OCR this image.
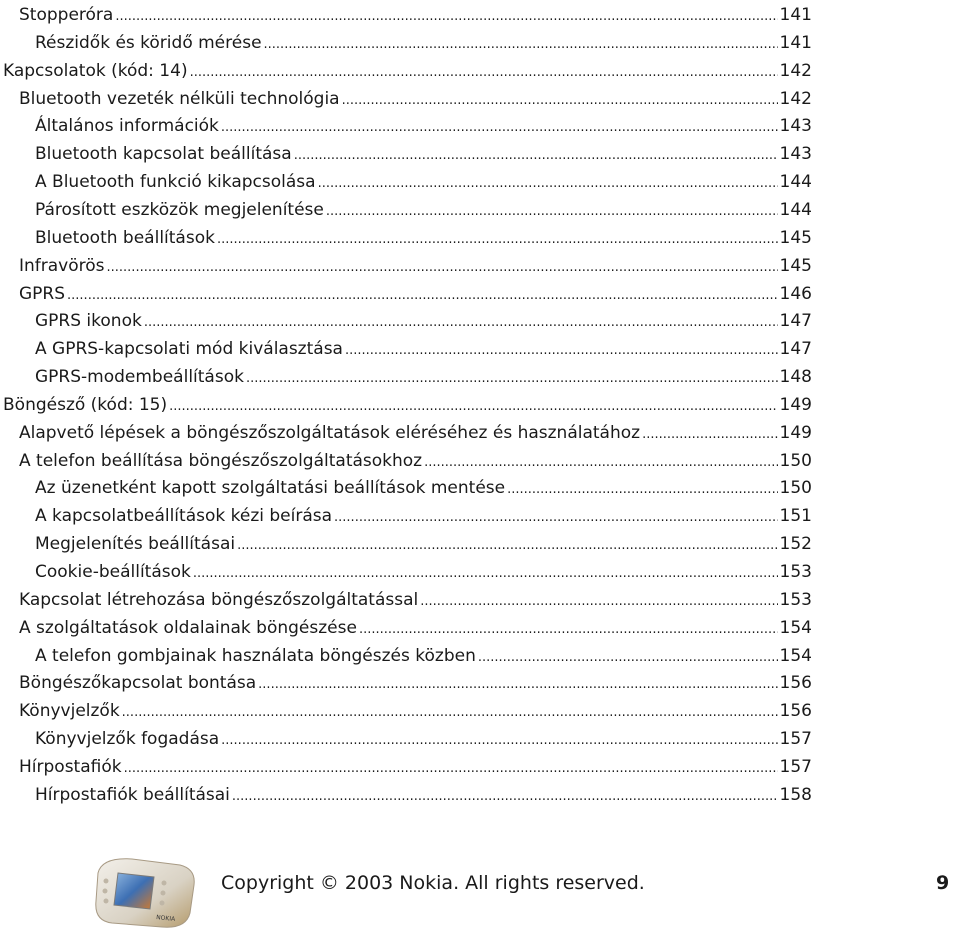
Stopperóra .....	141
Részidők és köridő mérése .....	141
Kapcsolatok (kód: 14) .....	142
Bluetooth vezeték nélküli technológia .....	142
Általános információk .....	143
Bluetooth kapcsolat beállítása .....	143
A Bluetooth funkció kikapcsolása .....	144
Párosított eszközök megjelenítése .....	144
Bluetooth beállítások .....	145
Infravörös .....	145
GPRS .....	146
GPRS ikonok .....	147
A GPRS-kapcsolati mód kiválasztása .....	147
GPRS-modembeállítások .....	148
Böngésző (kód: 15) .....	149
Alapvető lépések a böngészőszolgáltatások eléréséhez és használatához .....	149
A telefon beállítása böngészőszolgáltatásokhoz .....	150
Az üzenetként kapott szolgáltatási beállítások mentése .....	150
A kapcsolatbeállítások kézi beírása .....	151
Megjelenítés beállításai .....	152
Cookie-beállítások .....	153
Kapcsolat létrehozása böngészőszolgáltatással .....	153
A szolgáltatások oldalainak böngészése .....	154
A telefon gombjainak használata böngészés közben .....	154
Böngészőkapcsolat bontása .....	156
Könyvjelzők .....	156
Könyvjelzők fogadása .....	157
Hírpostafiók .....	157
Hírpostafiók beállításai .....	158
NOKIA
Copyright © 2003 Nokia. All rights reserved.	9
